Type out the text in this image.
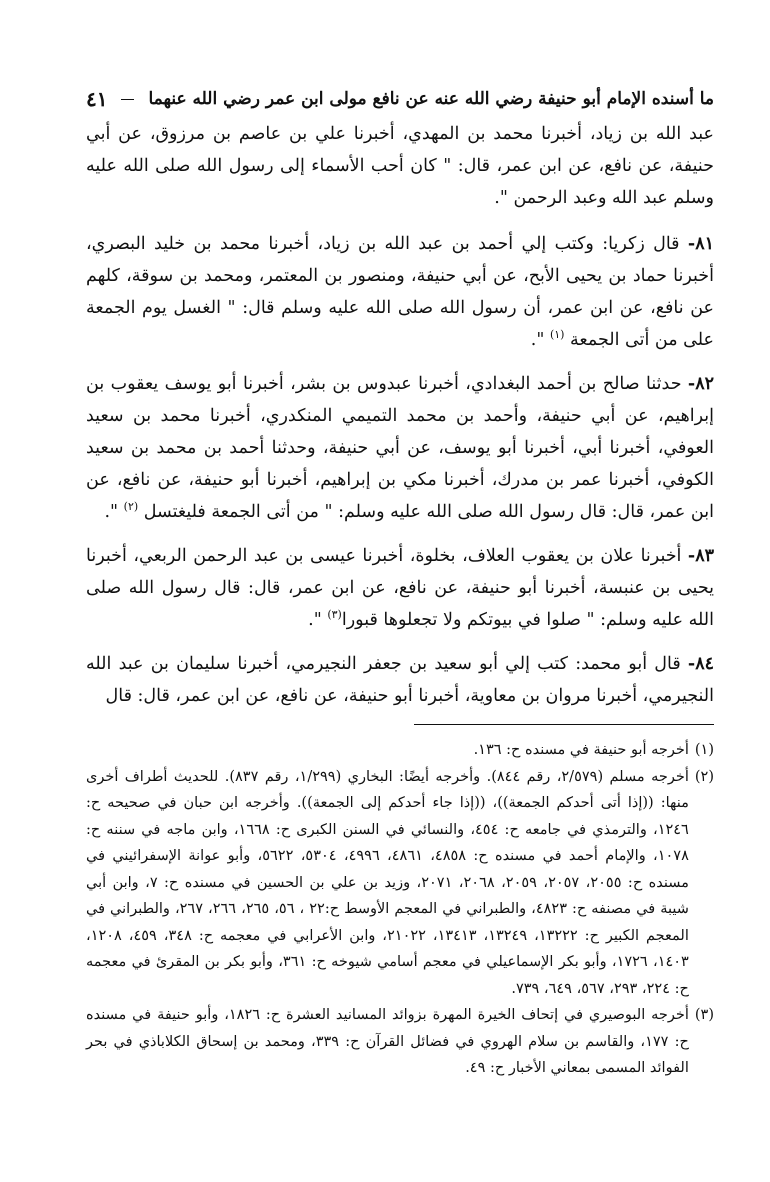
ما أسنده الإمام أبو حنيفة رضي الله عنه عن نافع مولى ابن عمر رضي الله عنهما
٤١

عبد الله بن زياد، أخبرنا محمد بن المهدي، أخبرنا علي بن عاصم بن مرزوق، عن أبي حنيفة، عن نافع، عن ابن عمر، قال: " كان أحب الأسماء إلى رسول الله صلى الله عليه وسلم عبد الله وعبد الرحمن ".

٨١- قال زكريا: وكتب إلي أحمد بن عبد الله بن زياد، أخبرنا محمد بن خليد البصري، أخبرنا حماد بن يحيى الأبح، عن أبي حنيفة، ومنصور بن المعتمر، ومحمد بن سوقة، كلهم عن نافع، عن ابن عمر، أن رسول الله صلى الله عليه وسلم قال: " الغسل يوم الجمعة على من أتى الجمعة $^{(١)}$ ".

٨٢- حدثنا صالح بن أحمد البغدادي، أخبرنا عبدوس بن بشر، أخبرنا أبو يوسف يعقوب بن إبراهيم، عن أبي حنيفة، وأحمد بن محمد التميمي المنكدري، أخبرنا محمد بن سعيد العوفي، أخبرنا أبي، أخبرنا أبو يوسف، عن أبي حنيفة، وحدثنا أحمد بن محمد بن سعيد الكوفي، أخبرنا عمر بن مدرك، أخبرنا مكي بن إبراهيم، أخبرنا أبو حنيفة، عن نافع، عن ابن عمر، قال: قال رسول الله صلى الله عليه وسلم: " من أتى الجمعة فليغتسل $^{(٢)}$ ".

٨٣- أخبرنا علان بن يعقوب العلاف، بخلوة، أخبرنا عيسى بن عبد الرحمن الربعي، أخبرنا يحيى بن عنبسة، أخبرنا أبو حنيفة، عن نافع، عن ابن عمر، قال: قال رسول الله صلى الله عليه وسلم: " صلوا في بيوتكم ولا تجعلوها قبورا$^{(٣)}$ ".

٨٤- قال أبو محمد: كتب إلي أبو سعيد بن جعفر النجيرمي، أخبرنا سليمان بن عبد الله النجيرمي، أخبرنا مروان بن معاوية، أخبرنا أبو حنيفة، عن نافع، عن ابن عمر، قال: قال

(١)
أخرجه أبو حنيفة في مسنده ح: ١٣٦.
(٢)
أخرجه مسلم (٢/٥٧٩، رقم ٨٤٤). وأخرجه أيضًا: البخاري (١/٢٩٩، رقم ٨٣٧). للحديث أطراف أخرى منها: ((إذا أتى أحدكم الجمعة))، ((إذا جاء أحدكم إلى الجمعة)). وأخرجه ابن حبان في صحيحه ح: ١٢٤٦، والترمذي في جامعه ح: ٤٥٤، والنسائي في السنن الكبرى ح: ١٦٦٨، وابن ماجه في سننه ح: ١٠٧٨، والإمام أحمد في مسنده ح: ٤٨٥٨، ٤٨٦١، ٤٩٩٦، ٥٣٠٤، ٥٦٢٢، وأبو عوانة الإسفرائيني في مسنده ح: ٢٠٥٥، ٢٠٥٧، ٢٠٥٩، ٢٠٦٨، ٢٠٧١، وزيد بن علي بن الحسين في مسنده ح: ٧، وابن أبي شيبة في مصنفه ح: ٤٨٢٣، والطبراني في المعجم الأوسط ح:٢٢ ، ٥٦، ٢٦٥، ٢٦٦، ٢٦٧، والطبراني في المعجم الكبير ح: ١٣٢٢٢، ١٣٢٤٩، ١٣٤١٣، ٢١٠٢٢، وابن الأعرابي في معجمه ح: ٣٤٨، ٤٥٩، ١٢٠٨، ١٤٠٣، ١٧٢٦، وأبو بكر الإسماعيلي في معجم أسامي شيوخه ح: ٣٦١، وأبو بكر بن المقرئ في معجمه ح: ٢٢٤، ٢٩٣، ٥٦٧، ٦٤٩، ٧٣٩.
(٣)
أخرجه البوصيري في إتحاف الخيرة المهرة بزوائد المسانيد العشرة ح: ١٨٢٦، وأبو حنيفة في مسنده ح: ١٧٧، والقاسم بن سلام الهروي في فضائل القرآن ح: ٣٣٩، ومحمد بن إسحاق الكلاباذي في بحر الفوائد المسمى بمعاني الأخبار ح: ٤٩.
